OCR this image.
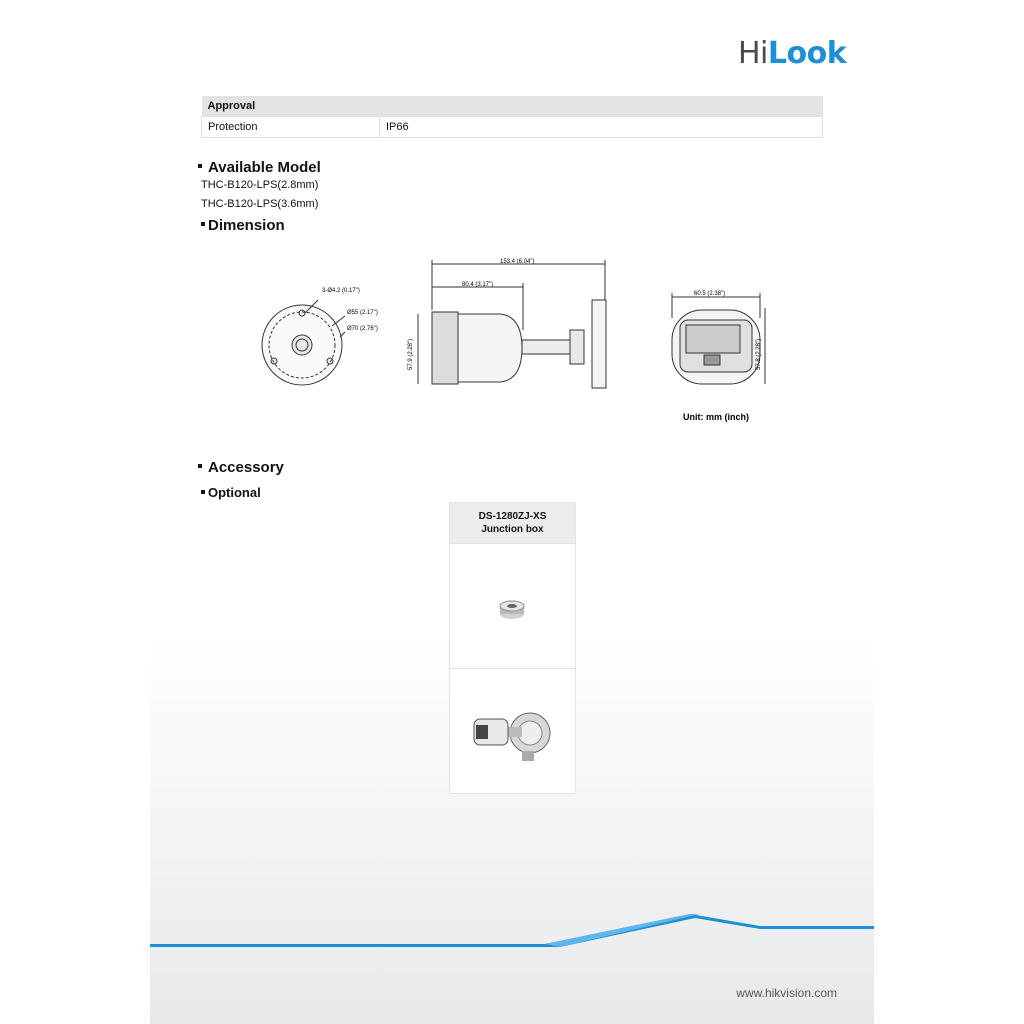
HiLook
Approval
Protection	IP66
Available Model
THC-B120-LPS(2.8mm)
THC-B120-LPS(3.6mm)
Dimension
3-Ø4.2 (0.17")
Ø55 (2.17")
Ø70 (2.76")
153.4 (6.04")
80.4 (3.17")
57.9 (2.28")
60.5 (2.38")
57.8 (2.28")
Unit: mm (inch)
Accessory
Optional
DS-1280ZJ-XS
Junction box
www.hikvision.com
